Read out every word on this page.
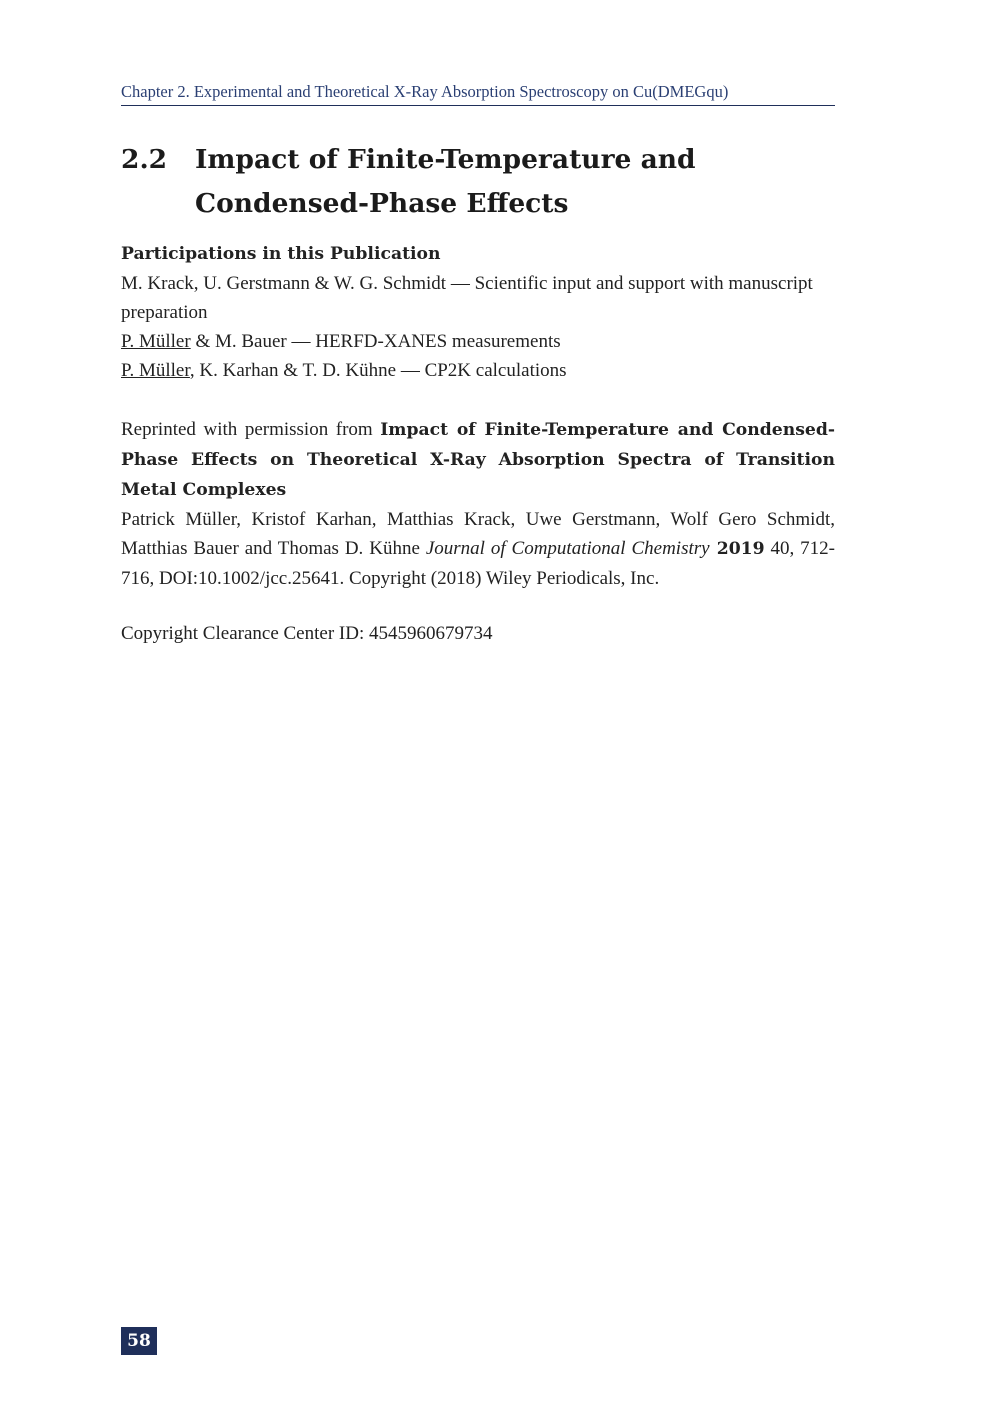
Chapter 2. Experimental and Theoretical X-Ray Absorption Spectroscopy on Cu(DMEGqu)
2.2 Impact of Finite-Temperature and Condensed-Phase Effects
Participations in this Publication
M. Krack, U. Gerstmann & W. G. Schmidt — Scientific input and support with manuscript preparation
P. Müller & M. Bauer — HERFD-XANES measurements
P. Müller, K. Karhan & T. D. Kühne — CP2K calculations
Reprinted with permission from Impact of Finite-Temperature and Condensed-Phase Effects on Theoretical X-Ray Absorption Spectra of Transition Metal Complexes
Patrick Müller, Kristof Karhan, Matthias Krack, Uwe Gerstmann, Wolf Gero Schmidt, Matthias Bauer and Thomas D. Kühne Journal of Computational Chemistry 2019 40, 712-716, DOI:10.1002/jcc.25641. Copyright (2018) Wiley Periodicals, Inc.
Copyright Clearance Center ID: 4545960679734
58
